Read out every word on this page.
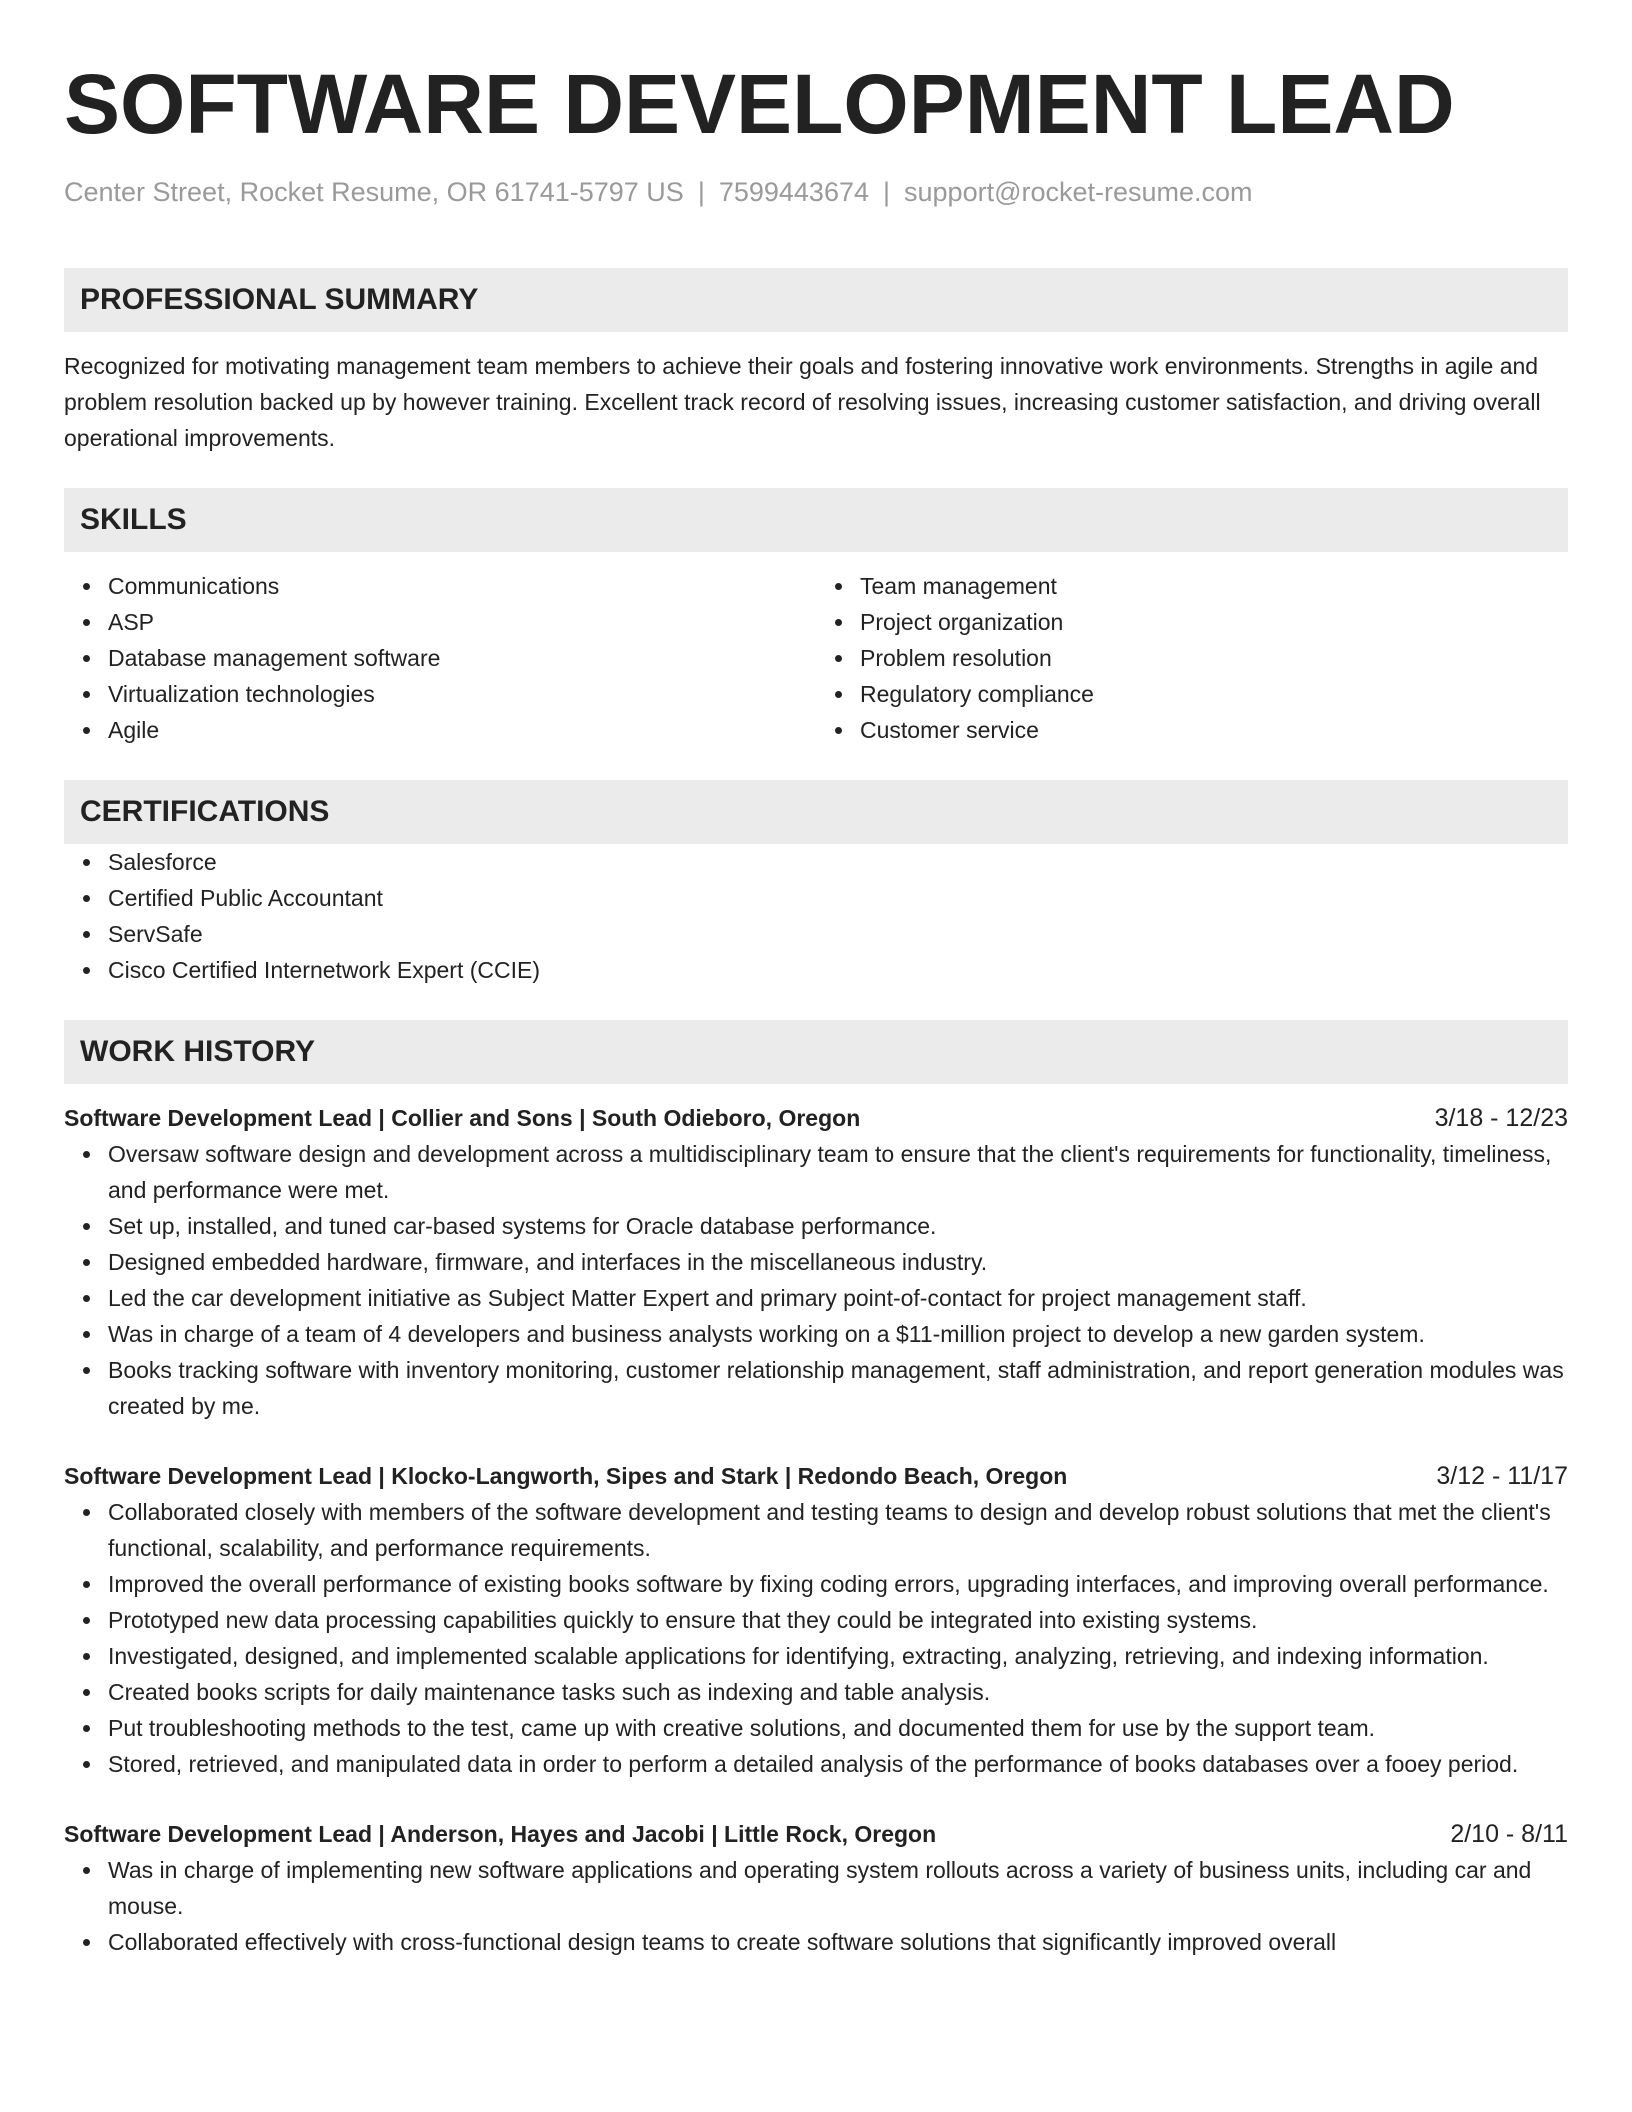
SOFTWARE DEVELOPMENT LEAD
Center Street, Rocket Resume, OR 61741-5797 US | 7599443674 | support@rocket-resume.com
PROFESSIONAL SUMMARY
Recognized for motivating management team members to achieve their goals and fostering innovative work environments. Strengths in agile and problem resolution backed up by however training. Excellent track record of resolving issues, increasing customer satisfaction, and driving overall operational improvements.
SKILLS
Communications
ASP
Database management software
Virtualization technologies
Agile
Team management
Project organization
Problem resolution
Regulatory compliance
Customer service
CERTIFICATIONS
Salesforce
Certified Public Accountant
ServSafe
Cisco Certified Internetwork Expert (CCIE)
WORK HISTORY
Software Development Lead | Collier and Sons | South Odieboro, Oregon	3/18 - 12/23
Oversaw software design and development across a multidisciplinary team to ensure that the client's requirements for functionality, timeliness, and performance were met.
Set up, installed, and tuned car-based systems for Oracle database performance.
Designed embedded hardware, firmware, and interfaces in the miscellaneous industry.
Led the car development initiative as Subject Matter Expert and primary point-of-contact for project management staff.
Was in charge of a team of 4 developers and business analysts working on a $11-million project to develop a new garden system.
Books tracking software with inventory monitoring, customer relationship management, staff administration, and report generation modules was created by me.
Software Development Lead | Klocko-Langworth, Sipes and Stark | Redondo Beach, Oregon	3/12 - 11/17
Collaborated closely with members of the software development and testing teams to design and develop robust solutions that met the client's functional, scalability, and performance requirements.
Improved the overall performance of existing books software by fixing coding errors, upgrading interfaces, and improving overall performance.
Prototyped new data processing capabilities quickly to ensure that they could be integrated into existing systems.
Investigated, designed, and implemented scalable applications for identifying, extracting, analyzing, retrieving, and indexing information.
Created books scripts for daily maintenance tasks such as indexing and table analysis.
Put troubleshooting methods to the test, came up with creative solutions, and documented them for use by the support team.
Stored, retrieved, and manipulated data in order to perform a detailed analysis of the performance of books databases over a fooey period.
Software Development Lead | Anderson, Hayes and Jacobi | Little Rock, Oregon	2/10 - 8/11
Was in charge of implementing new software applications and operating system rollouts across a variety of business units, including car and mouse.
Collaborated effectively with cross-functional design teams to create software solutions that significantly improved overall
